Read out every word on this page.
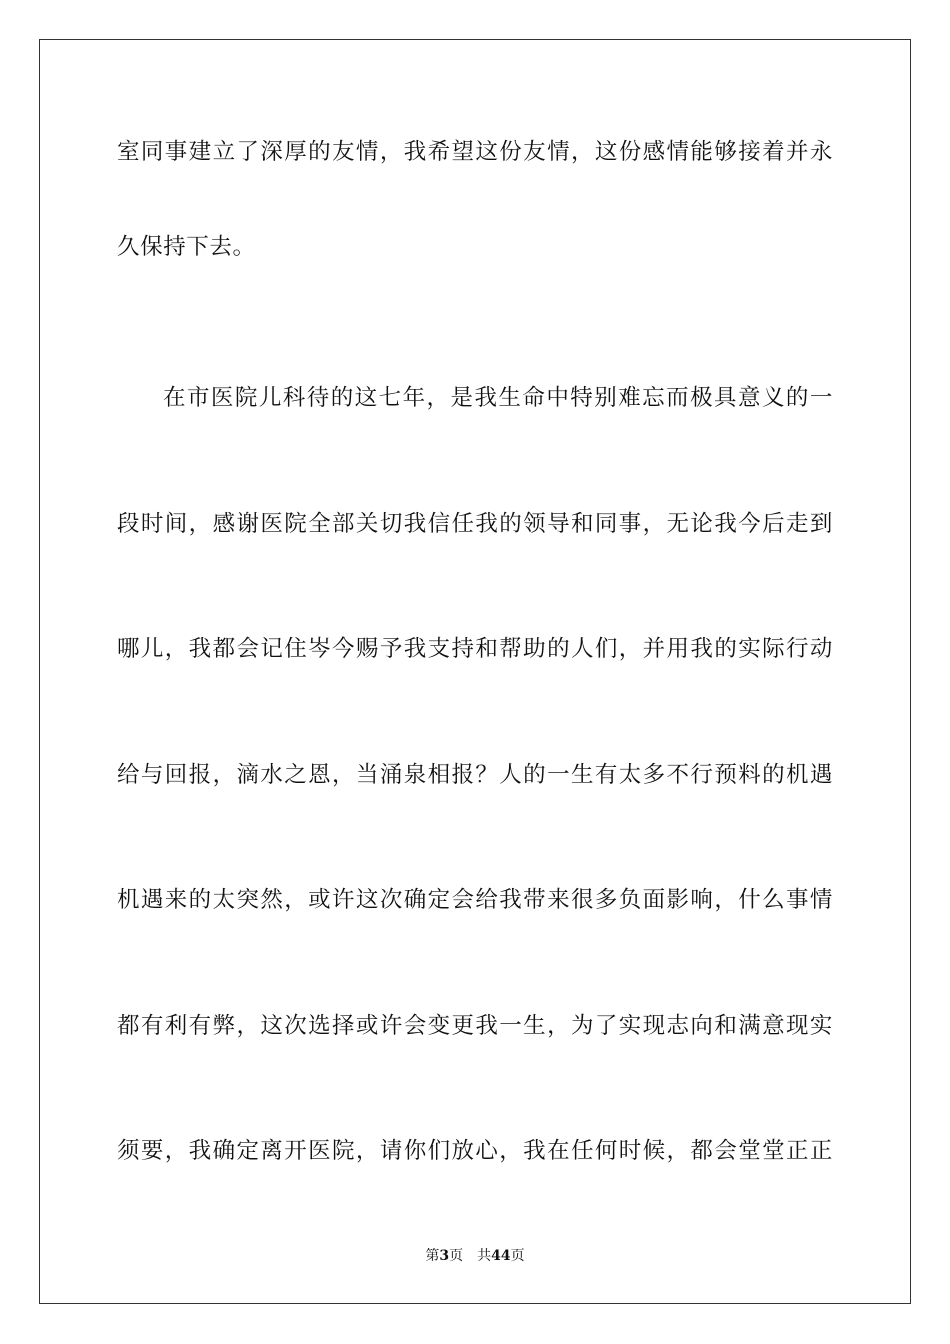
室同事建立了深厚的友情，我希望这份友情，这份感情能够接着并永
久保持下去。
在市医院儿科待的这七年，是我生命中特别难忘而极具意义的一
段时间，感谢医院全部关切我信任我的领导和同事，无论我今后走到
哪儿，我都会记住岑今赐予我支持和帮助的人们，并用我的实际行动
给与回报，滴水之恩，当涌泉相报？人的一生有太多不行预料的机遇
机遇来的太突然，或许这次确定会给我带来很多负面影响，什么事情
都有利有弊，这次选择或许会变更我一生，为了实现志向和满意现实
须要，我确定离开医院，请你们放心，我在任何时候，都会堂堂正正
第3页 共44页
